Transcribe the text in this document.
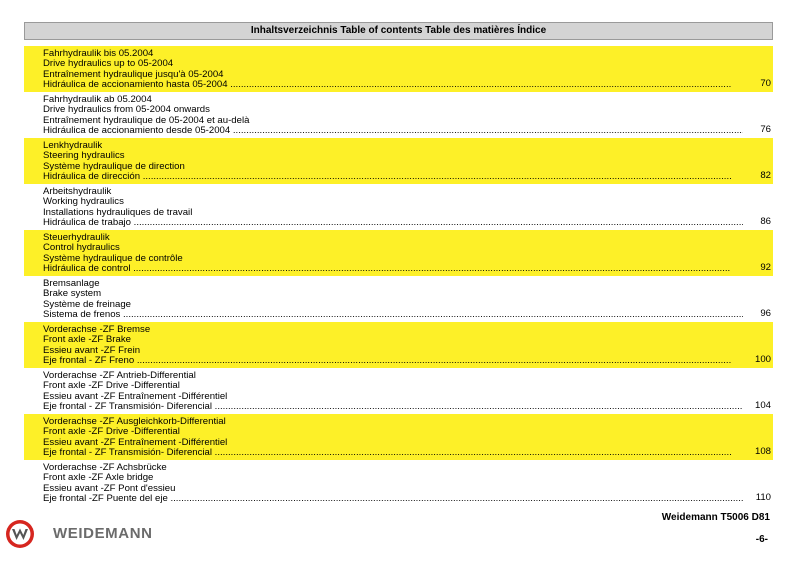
Inhaltsverzeichnis Table of contents Table des matières Índice
Fahrhydraulik bis 05.2004
Drive hydraulics up to 05-2004
Entraînement hydraulique jusqu'à 05-2004
Hidráulica de accionamiento hasta 05-2004 .....	70
Fahrhydraulik ab 05.2004
Drive hydraulics from 05-2004 onwards
Entraînement hydraulique de 05-2004 et au-delà
Hidráulica de accionamiento desde 05-2004 .....	76
Lenkhydraulik
Steering hydraulics
Système hydraulique de direction
Hidráulica de dirección .....	82
Arbeitshydraulik
Working hydraulics
Installations hydrauliques de travail
Hidráulica de trabajo .....	86
Steuerhydraulik
Control hydraulics
Système hydraulique de contrôle
Hidráulica de control .....	92
Bremsanlage
Brake system
Système de freinage
Sistema de frenos .....	96
Vorderachse -ZF Bremse
Front axle -ZF Brake
Essieu avant -ZF Frein
Eje frontal - ZF Freno .....	100
Vorderachse -ZF Antrieb-Differential
Front axle -ZF Drive -Differential
Essieu avant -ZF Entraînement -Différentiel
Eje frontal - ZF Transmisión- Diferencial .....	104
Vorderachse -ZF Ausgleichkorb-Differential
Front axle -ZF Drive -Differential
Essieu avant -ZF Entraînement -Différentiel
Eje frontal - ZF Transmisión- Diferencial .....	108
Vorderachse -ZF Achsbrücke
Front axle -ZF Axle bridge
Essieu avant -ZF Pont d'essieu
Eje frontal -ZF Puente del eje .....	110
WEIDEMANN
Weidemann T5006 D81
-6-
